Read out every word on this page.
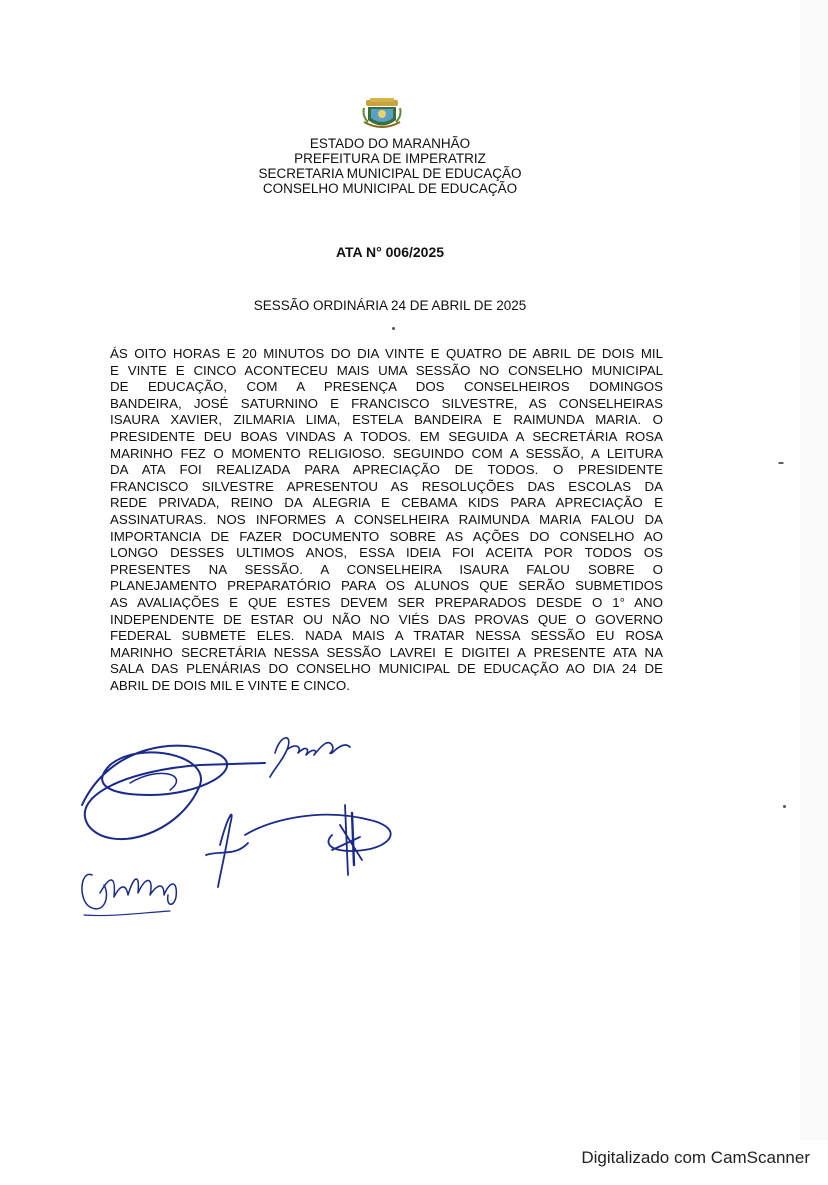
ESTADO DO MARANHÃO
PREFEITURA DE IMPERATRIZ
SECRETARIA MUNICIPAL DE EDUCAÇÃO
CONSELHO MUNICIPAL DE EDUCAÇÃO
ATA N° 006/2025
SESSÃO ORDINÁRIA 24 DE ABRIL DE 2025
ÁS OITO HORAS E 20 MINUTOS DO DIA VINTE E QUATRO DE ABRIL DE DOIS MIL
E VINTE E CINCO ACONTECEU MAIS UMA SESSÃO NO CONSELHO MUNICIPAL
DE EDUCAÇÃO, COM A PRESENÇA DOS CONSELHEIROS DOMINGOS
BANDEIRA, JOSÉ SATURNINO E FRANCISCO SILVESTRE, AS CONSELHEIRAS
ISAURA XAVIER, ZILMARIA LIMA, ESTELA BANDEIRA E RAIMUNDA MARIA. O
PRESIDENTE DEU BOAS VINDAS A TODOS. EM SEGUIDA A SECRETÁRIA ROSA
MARINHO FEZ O MOMENTO RELIGIOSO. SEGUINDO COM A SESSÃO, A LEITURA
DA ATA FOI REALIZADA PARA APRECIAÇÃO DE TODOS. O PRESIDENTE
FRANCISCO SILVESTRE APRESENTOU AS RESOLUÇÕES DAS ESCOLAS DA
REDE PRIVADA, REINO DA ALEGRIA E CEBAMA KIDS PARA APRECIAÇÃO E
ASSINATURAS. NOS INFORMES A CONSELHEIRA RAIMUNDA MARIA FALOU DA
IMPORTANCIA DE FAZER DOCUMENTO SOBRE AS AÇÕES DO CONSELHO AO
LONGO DESSES ULTIMOS ANOS, ESSA IDEIA FOI ACEITA POR TODOS OS
PRESENTES NA SESSÃO. A CONSELHEIRA ISAURA FALOU SOBRE O
PLANEJAMENTO PREPARATÓRIO PARA OS ALUNOS QUE SERÃO SUBMETIDOS
AS AVALIAÇÕES E QUE ESTES DEVEM SER PREPARADOS DESDE O 1° ANO
INDEPENDENTE DE ESTAR OU NÃO NO VIÉS DAS PROVAS QUE O GOVERNO
FEDERAL SUBMETE ELES. NADA MAIS A TRATAR NESSA SESSÃO EU ROSA
MARINHO SECRETÁRIA NESSA SESSÃO LAVREI E DIGITEI A PRESENTE ATA NA
SALA DAS PLENÁRIAS DO CONSELHO MUNICIPAL DE EDUCAÇÃO AO DIA 24 DE
ABRIL DE DOIS MIL E VINTE E CINCO.
Digitalizado com CamScanner
